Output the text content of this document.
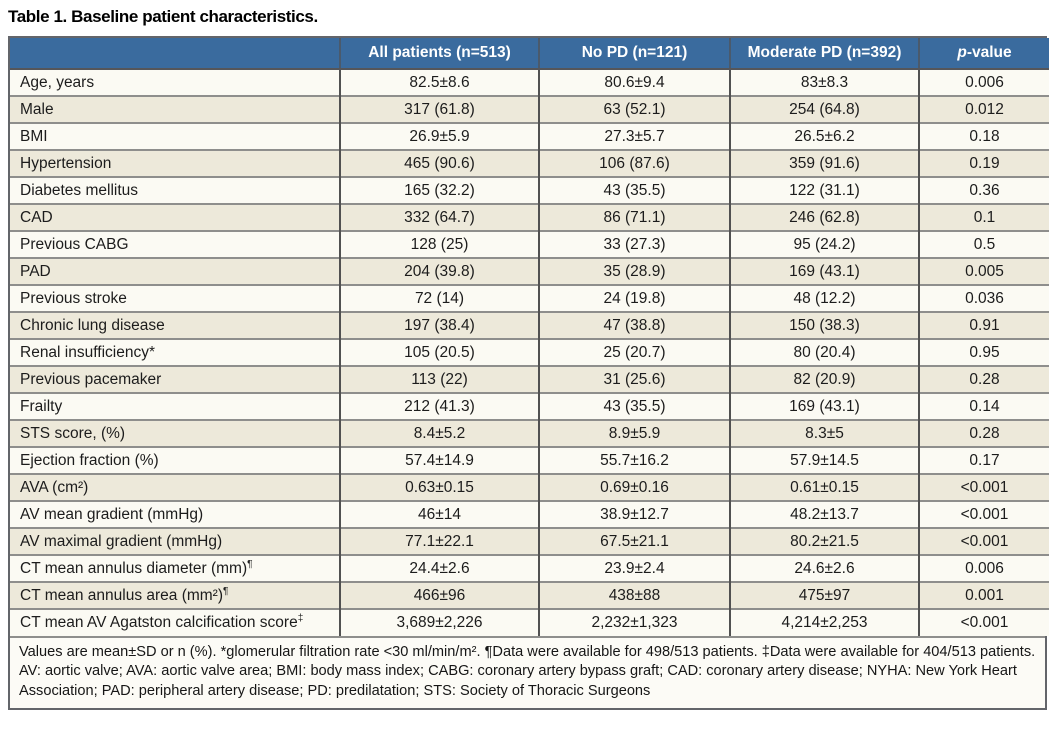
Table 1. Baseline patient characteristics.
	All patients (n=513)	No PD (n=121)	Moderate PD (n=392)	p-value
Age, years	82.5±8.6	80.6±9.4	83±8.3	0.006
Male	317 (61.8)	63 (52.1)	254 (64.8)	0.012
BMI	26.9±5.9	27.3±5.7	26.5±6.2	0.18
Hypertension	465 (90.6)	106 (87.6)	359 (91.6)	0.19
Diabetes mellitus	165 (32.2)	43 (35.5)	122 (31.1)	0.36
CAD	332 (64.7)	86 (71.1)	246 (62.8)	0.1
Previous CABG	128 (25)	33 (27.3)	95 (24.2)	0.5
PAD	204 (39.8)	35 (28.9)	169 (43.1)	0.005
Previous stroke	72 (14)	24 (19.8)	48 (12.2)	0.036
Chronic lung disease	197 (38.4)	47 (38.8)	150 (38.3)	0.91
Renal insufficiency*	105 (20.5)	25 (20.7)	80 (20.4)	0.95
Previous pacemaker	113 (22)	31 (25.6)	82 (20.9)	0.28
Frailty	212 (41.3)	43 (35.5)	169 (43.1)	0.14
STS score, (%)	8.4±5.2	8.9±5.9	8.3±5	0.28
Ejection fraction (%)	57.4±14.9	55.7±16.2	57.9±14.5	0.17
AVA (cm²)	0.63±0.15	0.69±0.16	0.61±0.15	<0.001
AV mean gradient (mmHg)	46±14	38.9±12.7	48.2±13.7	<0.001
AV maximal gradient (mmHg)	77.1±22.1	67.5±21.1	80.2±21.5	<0.001
CT mean annulus diameter (mm)¶	24.4±2.6	23.9±2.4	24.6±2.6	0.006
CT mean annulus area (mm²)¶	466±96	438±88	475±97	0.001
CT mean AV Agatston calcification score‡	3,689±2,226	2,232±1,323	4,214±2,253	<0.001
Values are mean±SD or n (%). *glomerular filtration rate <30 ml/min/m². ¶Data were available for 498/513 patients. ‡Data were available for 404/513 patients. AV: aortic valve; AVA: aortic valve area; BMI: body mass index; CABG: coronary artery bypass graft; CAD: coronary artery disease; NYHA: New York Heart Association; PAD: peripheral artery disease; PD: predilatation; STS: Society of Thoracic Surgeons
